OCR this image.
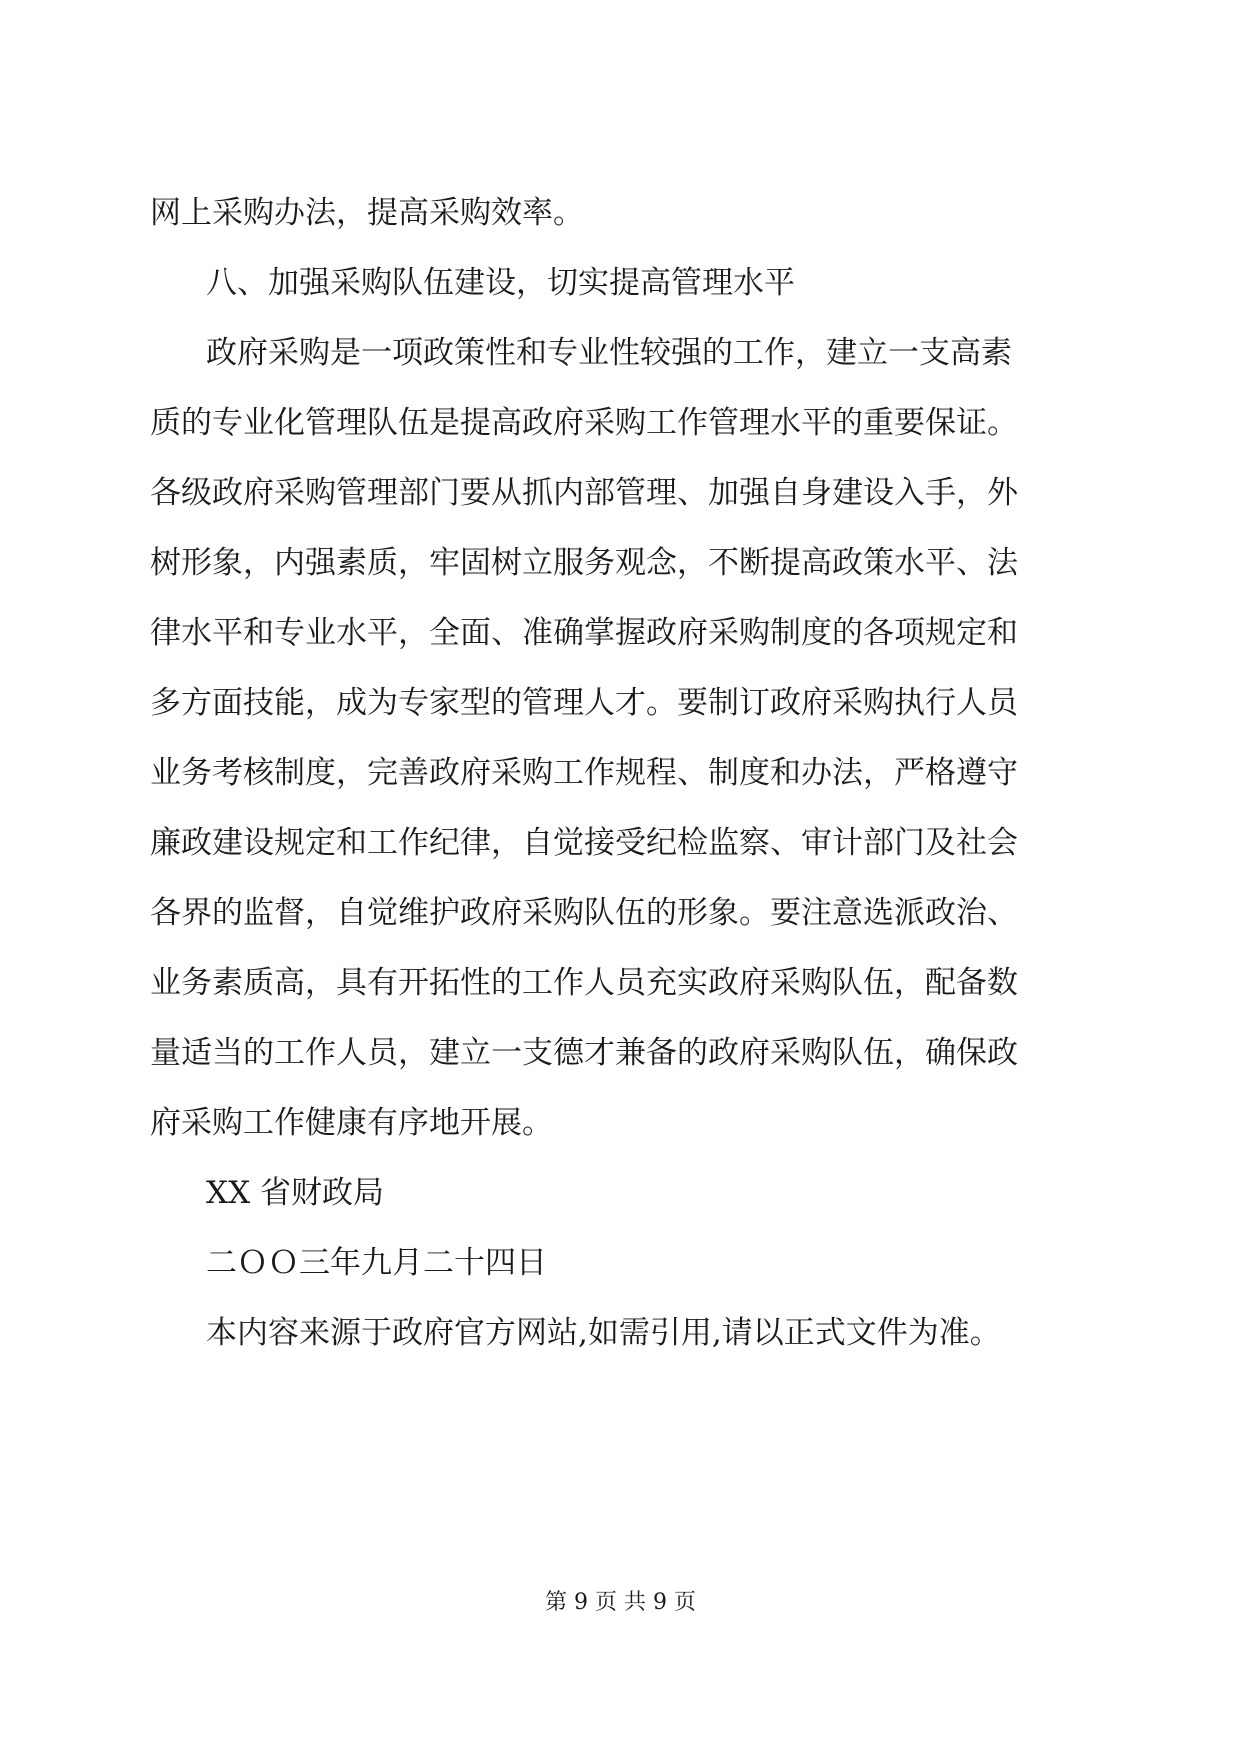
网上采购办法，提高采购效率。

八、加强采购队伍建设，切实提高管理水平

政府采购是一项政策性和专业性较强的工作，建立一支高素

质的专业化管理队伍是提高政府采购工作管理水平的重要保证。

各级政府采购管理部门要从抓内部管理、加强自身建设入手，外

树形象，内强素质，牢固树立服务观念，不断提高政策水平、法

律水平和专业水平，全面、准确掌握政府采购制度的各项规定和

多方面技能，成为专家型的管理人才。要制订政府采购执行人员

业务考核制度，完善政府采购工作规程、制度和办法，严格遵守

廉政建设规定和工作纪律，自觉接受纪检监察、审计部门及社会

各界的监督，自觉维护政府采购队伍的形象。要注意选派政治、

业务素质高，具有开拓性的工作人员充实政府采购队伍，配备数

量适当的工作人员，建立一支德才兼备的政府采购队伍，确保政

府采购工作健康有序地开展。

XX 省财政局

二ＯＯ三年九月二十四日

本内容来源于政府官方网站,如需引用,请以正式文件为准。

第 9 页 共 9 页
